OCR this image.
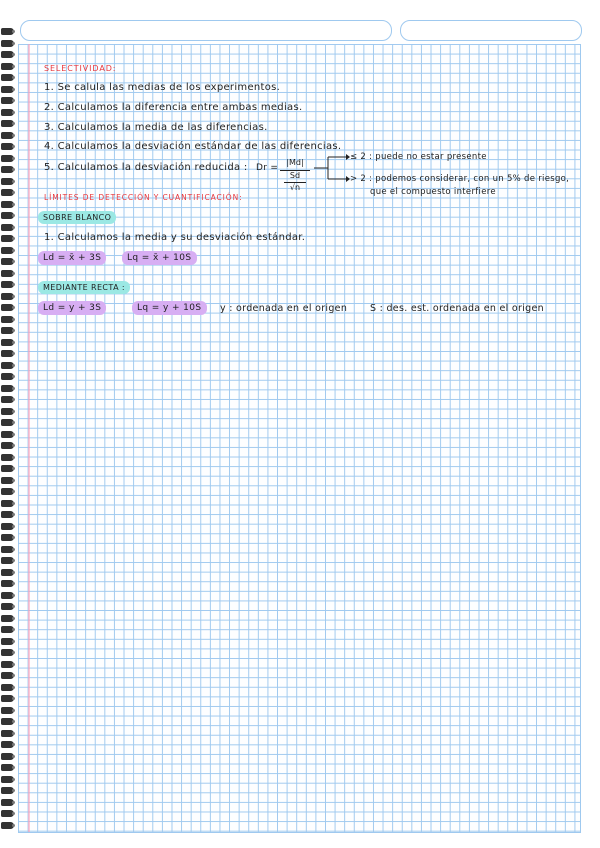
SELECTIVIDAD:
1. Se calula las medias de los experimentos.
2. Calculamos la diferencia entre ambas medias.
3. Calculamos la media de las diferencias.
4. Calculamos la desviación estándar de las diferencias.
5. Calculamos la desviación reducida : Dr =
|Md|
Sd
√n
≤ 2 : puede no estar presente
> 2 : podemos considerar, con un 5% de riesgo,
que el compuesto interfiere
LÍMITES DE DETECCIÓN Y CUANTIFICACIÓN:
SOBRE BLANCO
1. Calculamos la media y su desviación estándar.
Ld = x̄ + 3S	Lq = x̄ + 10S
MEDIANTE RECTA :
Ld = y + 3S	Lq = y + 10S	y : ordenada en el origen S : des. est. ordenada en el origen
